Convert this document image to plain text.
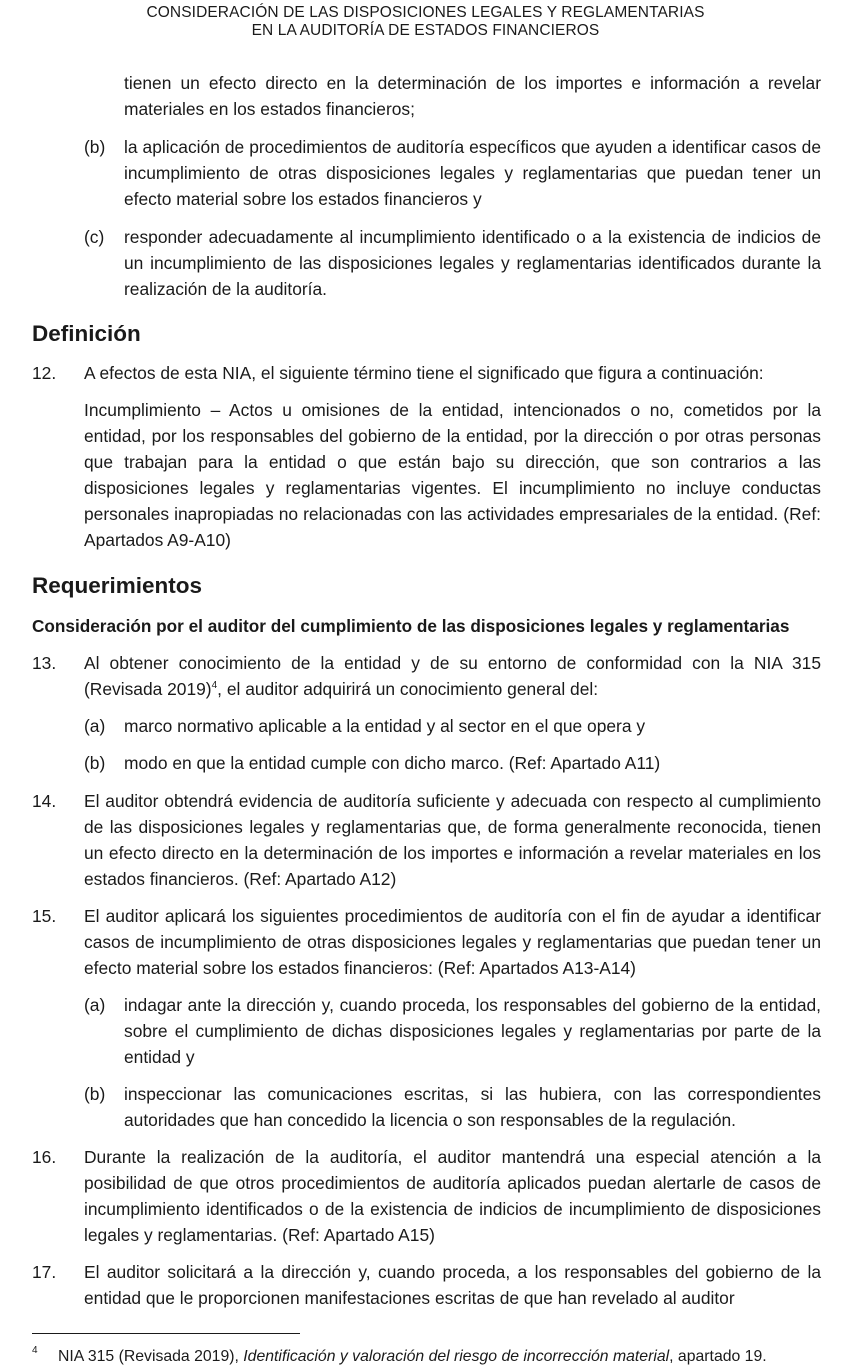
CONSIDERACIÓN DE LAS DISPOSICIONES LEGALES Y REGLAMENTARIAS
EN LA AUDITORÍA DE ESTADOS FINANCIEROS
tienen un efecto directo en la determinación de los importes e información a revelar materiales en los estados financieros;
(b) la aplicación de procedimientos de auditoría específicos que ayuden a identificar casos de incumplimiento de otras disposiciones legales y reglamentarias que puedan tener un efecto material sobre los estados financieros y
(c) responder adecuadamente al incumplimiento identificado o a la existencia de indicios de un incumplimiento de las disposiciones legales y reglamentarias identificados durante la realización de la auditoría.
Definición
12. A efectos de esta NIA, el siguiente término tiene el significado que figura a continuación:
Incumplimiento – Actos u omisiones de la entidad, intencionados o no, cometidos por la entidad, por los responsables del gobierno de la entidad, por la dirección o por otras personas que trabajan para la entidad o que están bajo su dirección, que son contrarios a las disposiciones legales y reglamentarias vigentes. El incumplimiento no incluye conductas personales inapropiadas no relacionadas con las actividades empresariales de la entidad. (Ref: Apartados A9-A10)
Requerimientos
Consideración por el auditor del cumplimiento de las disposiciones legales y reglamentarias
13. Al obtener conocimiento de la entidad y de su entorno de conformidad con la NIA 315 (Revisada 2019)$^4$, el auditor adquirirá un conocimiento general del:
(a) marco normativo aplicable a la entidad y al sector en el que opera y
(b) modo en que la entidad cumple con dicho marco. (Ref: Apartado A11)
14. El auditor obtendrá evidencia de auditoría suficiente y adecuada con respecto al cumplimiento de las disposiciones legales y reglamentarias que, de forma generalmente reconocida, tienen un efecto directo en la determinación de los importes e información a revelar materiales en los estados financieros. (Ref: Apartado A12)
15. El auditor aplicará los siguientes procedimientos de auditoría con el fin de ayudar a identificar casos de incumplimiento de otras disposiciones legales y reglamentarias que puedan tener un efecto material sobre los estados financieros: (Ref: Apartados A13-A14)
(a) indagar ante la dirección y, cuando proceda, los responsables del gobierno de la entidad, sobre el cumplimiento de dichas disposiciones legales y reglamentarias por parte de la entidad y
(b) inspeccionar las comunicaciones escritas, si las hubiera, con las correspondientes autoridades que han concedido la licencia o son responsables de la regulación.
16. Durante la realización de la auditoría, el auditor mantendrá una especial atención a la posibilidad de que otros procedimientos de auditoría aplicados puedan alertarle de casos de incumplimiento identificados o de la existencia de indicios de incumplimiento de disposiciones legales y reglamentarias. (Ref: Apartado A15)
17. El auditor solicitará a la dirección y, cuando proceda, a los responsables del gobierno de la entidad que le proporcionen manifestaciones escritas de que han revelado al auditor
4 NIA 315 (Revisada 2019), Identificación y valoración del riesgo de incorrección material, apartado 19.
